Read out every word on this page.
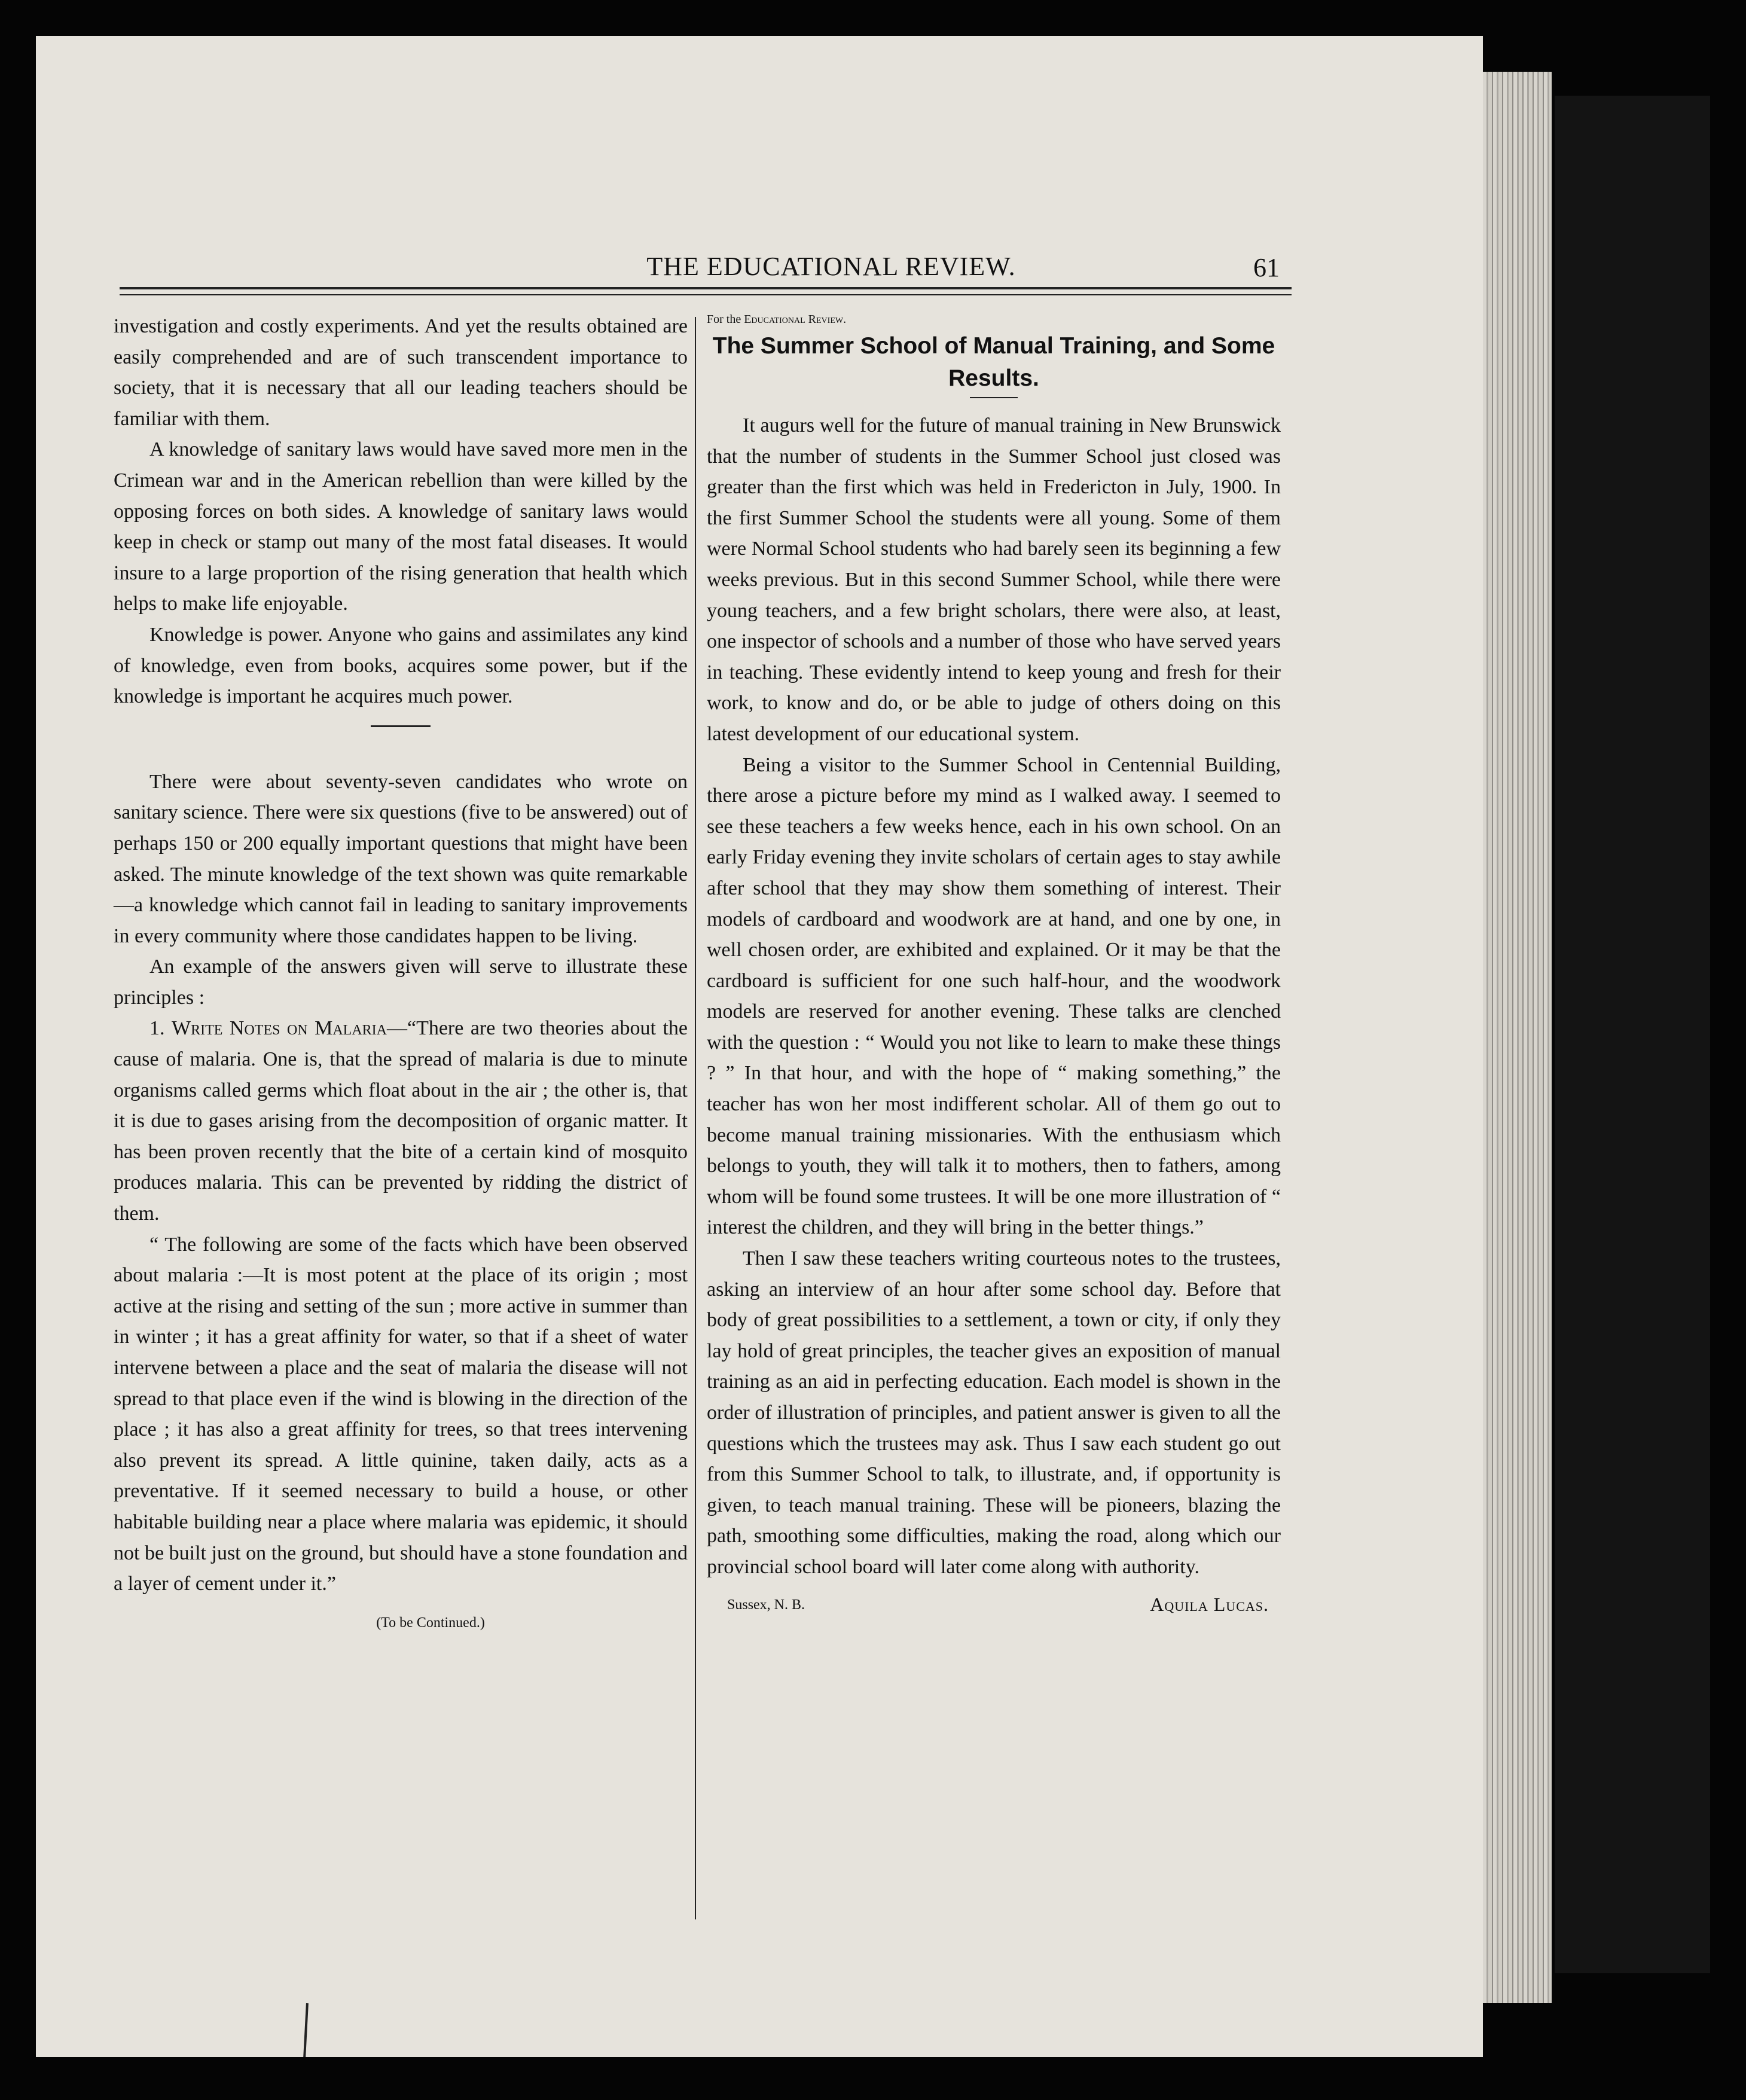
THE EDUCATIONAL REVIEW.	61

investigation and costly experiments. And yet the results obtained are easily comprehended and are of such transcendent importance to society, that it is necessary that all our leading teachers should be familiar with them.

A knowledge of sanitary laws would have saved more men in the Crimean war and in the American rebellion than were killed by the opposing forces on both sides. A knowledge of sanitary laws would keep in check or stamp out many of the most fatal diseases. It would insure to a large proportion of the rising generation that health which helps to make life enjoyable.

Knowledge is power. Anyone who gains and assimilates any kind of knowledge, even from books, acquires some power, but if the knowledge is important he acquires much power.

There were about seventy-seven candidates who wrote on sanitary science. There were six questions (five to be answered) out of perhaps 150 or 200 equally important questions that might have been asked. The minute knowledge of the text shown was quite remarkable—a knowledge which cannot fail in leading to sanitary improvements in every community where those candidates happen to be living.

An example of the answers given will serve to illustrate these principles :

1. Write Notes on Malaria—“There are two theories about the cause of malaria. One is, that the spread of malaria is due to minute organisms called germs which float about in the air ; the other is, that it is due to gases arising from the decomposition of organic matter. It has been proven recently that the bite of a certain kind of mosquito produces malaria. This can be prevented by ridding the district of them.

“ The following are some of the facts which have been observed about malaria :—It is most potent at the place of its origin ; most active at the rising and setting of the sun ; more active in summer than in winter ; it has a great affinity for water, so that if a sheet of water intervene between a place and the seat of malaria the disease will not spread to that place even if the wind is blowing in the direction of the place ; it has also a great affinity for trees, so that trees intervening also prevent its spread. A little quinine, taken daily, acts as a preventative. If it seemed necessary to build a house, or other habitable building near a place where malaria was epidemic, it should not be built just on the ground, but should have a stone foundation and a layer of cement under it.”

(To be Continued.)
For the Educational Review.
The Summer School of Manual Training, and Some Results.

It augurs well for the future of manual training in New Brunswick that the number of students in the Summer School just closed was greater than the first which was held in Fredericton in July, 1900. In the first Summer School the students were all young. Some of them were Normal School students who had barely seen its beginning a few weeks previous. But in this second Summer School, while there were young teachers, and a few bright scholars, there were also, at least, one inspector of schools and a number of those who have served years in teaching. These evidently intend to keep young and fresh for their work, to know and do, or be able to judge of others doing on this latest development of our educational system.

Being a visitor to the Summer School in Centennial Building, there arose a picture before my mind as I walked away. I seemed to see these teachers a few weeks hence, each in his own school. On an early Friday evening they invite scholars of certain ages to stay awhile after school that they may show them something of interest. Their models of cardboard and woodwork are at hand, and one by one, in well chosen order, are exhibited and explained. Or it may be that the cardboard is sufficient for one such half-hour, and the woodwork models are reserved for another evening. These talks are clenched with the question : “ Would you not like to learn to make these things ? ” In that hour, and with the hope of “ making something,” the teacher has won her most indifferent scholar. All of them go out to become manual training missionaries. With the enthusiasm which belongs to youth, they will talk it to mothers, then to fathers, among whom will be found some trustees. It will be one more illustration of “ interest the children, and they will bring in the better things.”

Then I saw these teachers writing courteous notes to the trustees, asking an interview of an hour after some school day. Before that body of great possibilities to a settlement, a town or city, if only they lay hold of great principles, the teacher gives an exposition of manual training as an aid in perfecting education. Each model is shown in the order of illustration of principles, and patient answer is given to all the questions which the trustees may ask. Thus I saw each student go out from this Summer School to talk, to illustrate, and, if opportunity is given, to teach manual training. These will be pioneers, blazing the path, smoothing some difficulties, making the road, along which our provincial school board will later come along with authority.

Sussex, N. B.	Aquila Lucas.
